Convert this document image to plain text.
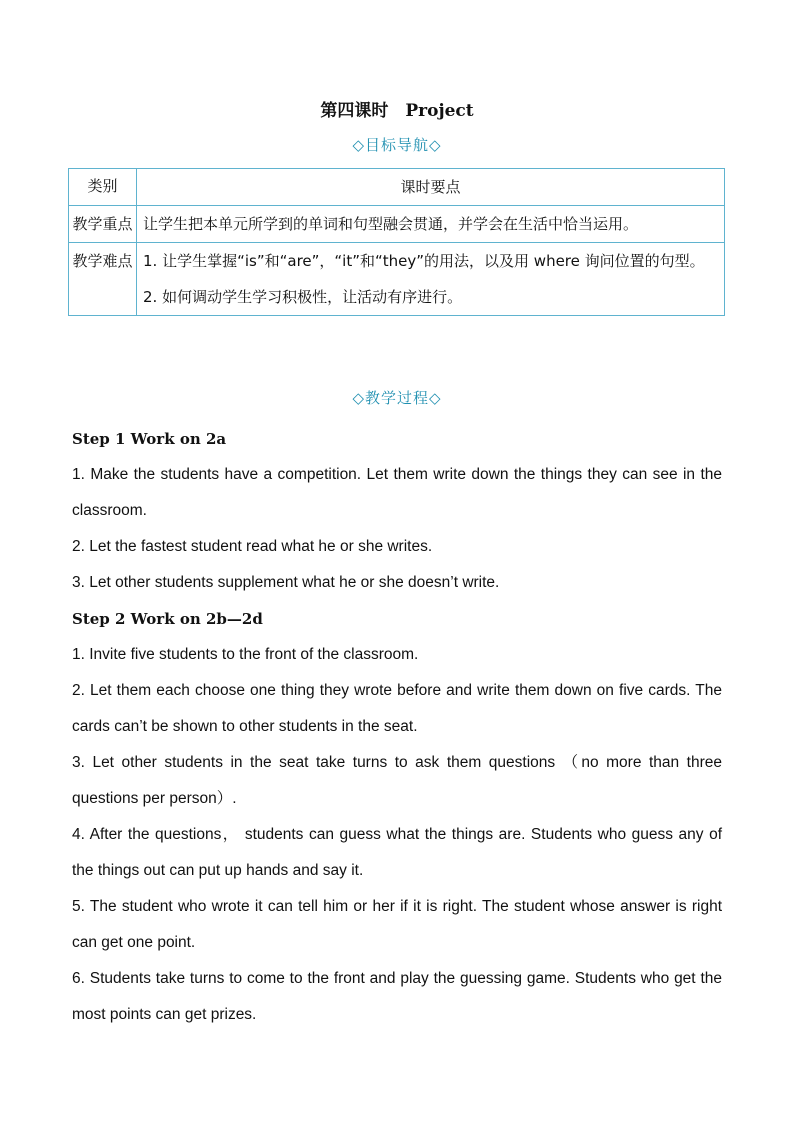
第四课时　Project
◇目标导航◇
类别	课时要点
教学重点	让学生把本单元所学到的单词和句型融会贯通，并学会在生活中恰当运用。

教学难点	1. 让学生掌握“is”和“are”，“it”和“they”的用法，以及用 where 询问位置的句型。
2. 如何调动学生学习积极性，让活动有序进行。
◇教学过程◇
Step 1 Work on 2a
1. Make the students have a competition. Let them write down the things they can see in the classroom.
2. Let the fastest student read what he or she writes.
3. Let other students supplement what he or she doesn’t write.
Step 2 Work on 2b—2d
1. Invite five students to the front of the classroom.
2. Let them each choose one thing they wrote before and write them down on five cards. The cards can’t be shown to other students in the seat.
3. Let other students in the seat take turns to ask them questions （no more than three questions per person）.
4. After the questions， students can guess what the things are. Students who guess any of the things out can put up hands and say it.
5. The student who wrote it can tell him or her if it is right. The student whose answer is right can get one point.
6. Students take turns to come to the front and play the guessing game. Students who get the most points can get prizes.
